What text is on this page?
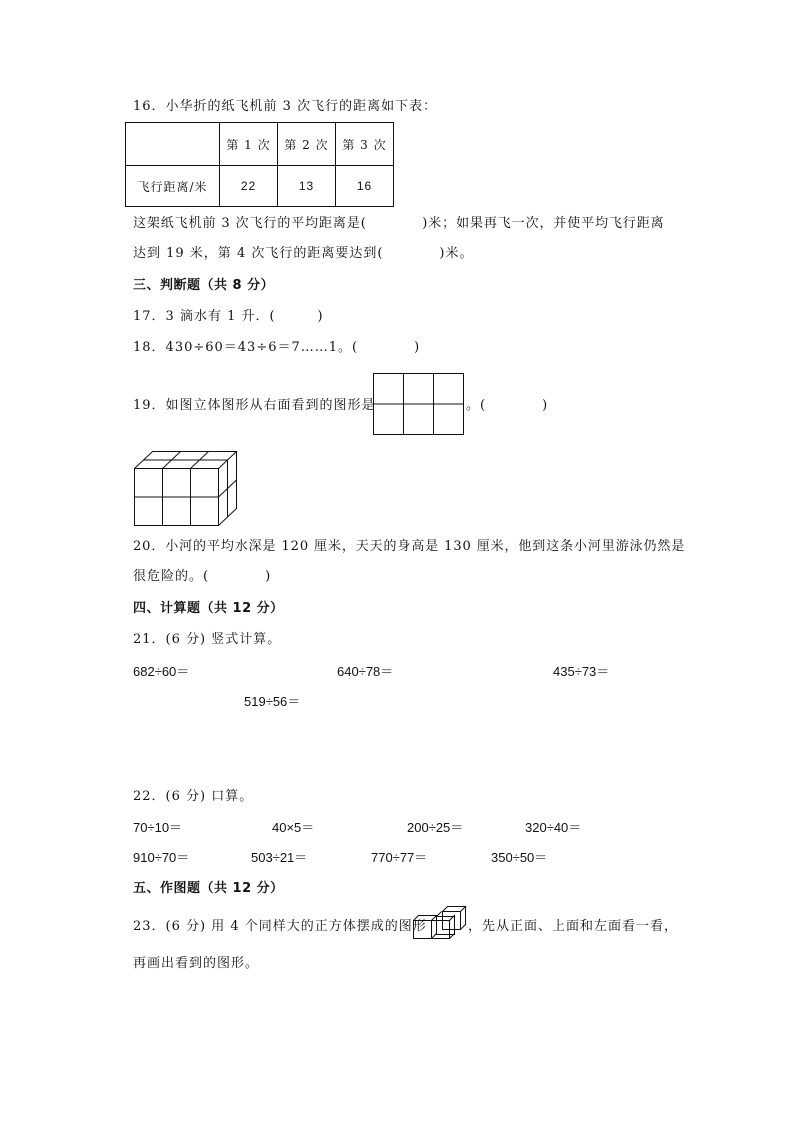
16．小华折的纸飞机前 3 次飞行的距离如下表：
	第 1 次	第 2 次	第 3 次
飞行距离/米	22	13	16
这架纸飞机前 3 次飞行的平均距离是(　　　　)米；如果再飞一次，并使平均飞行距离
达到 19 米，第 4 次飞行的距离要达到(　　　　)米。
三、判断题（共 8 分）
17．3 滴水有 1 升．(　　　)
18．430÷60＝43÷6＝7……1。(　　　　)
19．如图立体图形从右面看到的图形是	。(　　　　)
20．小河的平均水深是 120 厘米，天天的身高是 130 厘米，他到这条小河里游泳仍然是
很危险的。(　　　　)
四、计算题（共 12 分）
21．(6 分) 竖式计算。
682÷60＝	640÷78＝	435÷73＝
519÷56＝
22．(6 分) 口算。
70÷10＝	40×5＝	200÷25＝	320÷40＝
910÷70＝	503÷21＝	770÷77＝	350÷50＝
五、作图题（共 12 分）
23．(6 分) 用 4 个同样大的正方体摆成的图形	，先从正面、上面和左面看一看，
再画出看到的图形。
